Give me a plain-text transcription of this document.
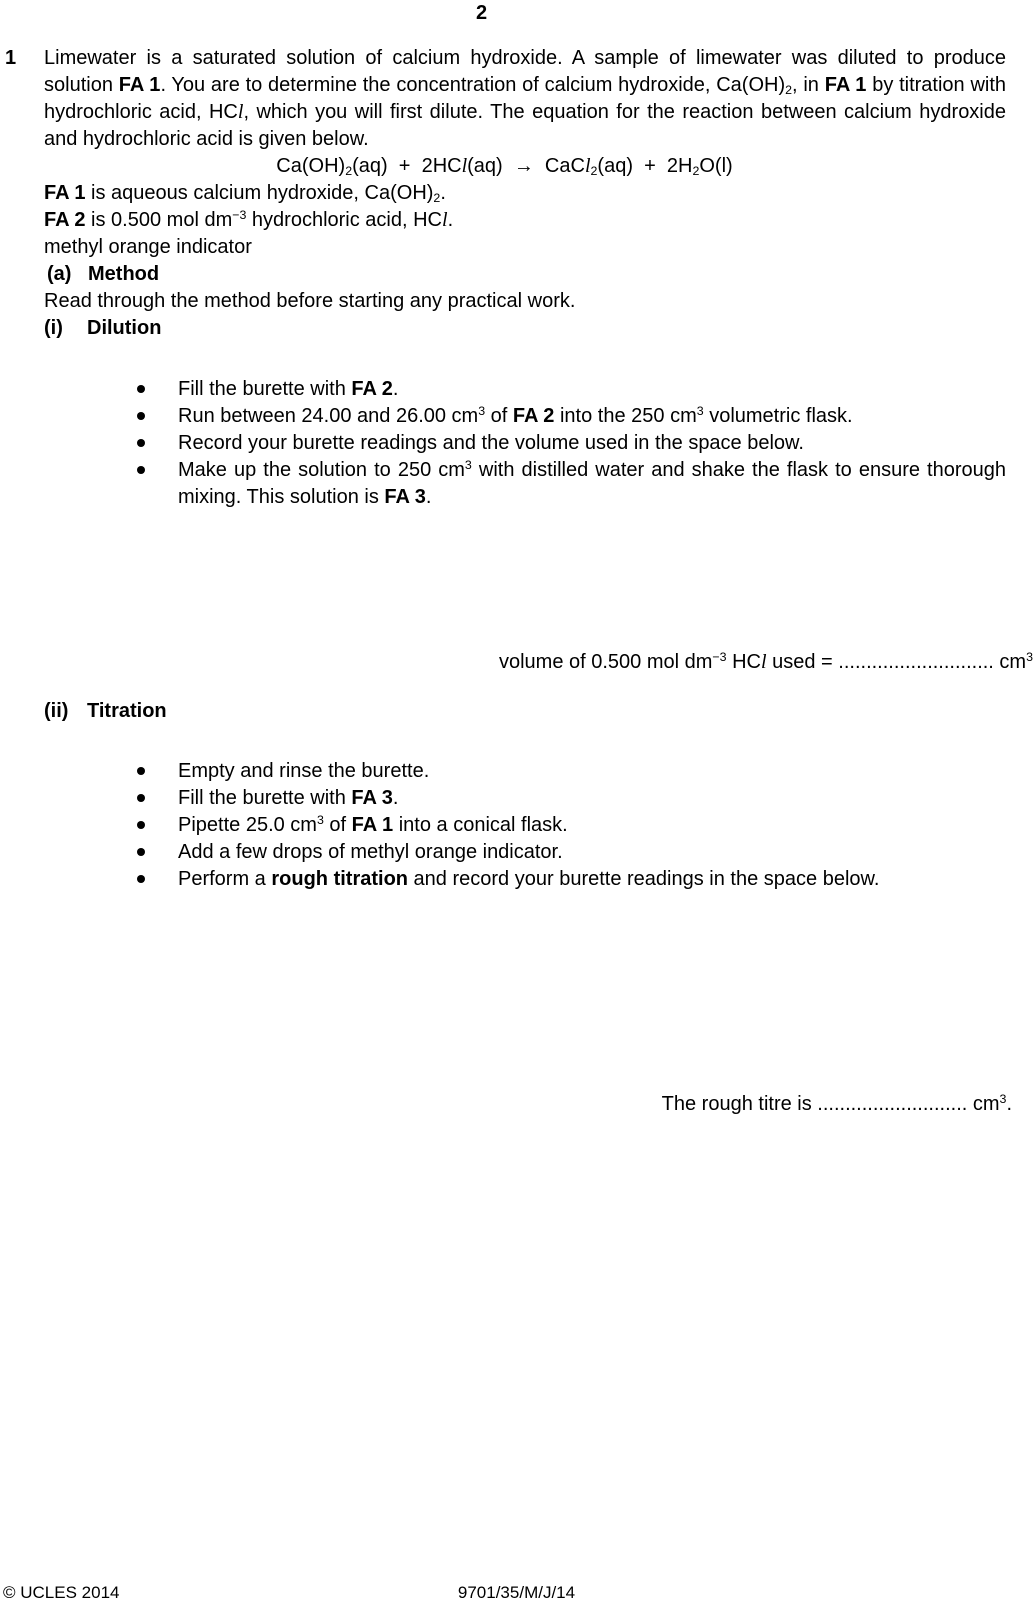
2
1	Limewater is a saturated solution of calcium hydroxide. A sample of limewater was diluted to produce solution FA 1. You are to determine the concentration of calcium hydroxide, $Ca(OH)_2$, in FA 1 by titration with hydrochloric acid, HCl, which you will first dilute. The equation for the reaction between calcium hydroxide and hydrochloric acid is given below.
$Ca(OH)_2(aq) + 2HCl(aq)$  →  CaCl$_2$(aq)  +  $2H_2O(l)$
FA 1 is aqueous calcium hydroxide, $Ca(OH)_2$.
FA 2 is 0.500 mol $dm^{-3}$ hydrochloric acid, HCl.
methyl orange indicator
(a) Method
Read through the method before starting any practical work.
(i)	Dilution
Fill the burette with FA 2.
Run between 24.00 and 26.00 $cm^3$ of FA 2 into the 250 $cm^3$ volumetric flask.
Record your burette readings and the volume used in the space below.
Make up the solution to 250 $cm^3$ with distilled water and shake the flask to ensure thorough mixing. This solution is FA 3.
volume of 0.500 mol $dm^{-3}$ HCl used = ............................ $cm^3$
(ii) Titration
Empty and rinse the burette.
Fill the burette with FA 3.
Pipette 25.0 $cm^3$ of FA 1 into a conical flask.
Add a few drops of methyl orange indicator.
Perform a rough titration and record your burette readings in the space below.
The rough titre is ........................... $cm^3$.
© UCLES 2014	9701/35/M/J/14
